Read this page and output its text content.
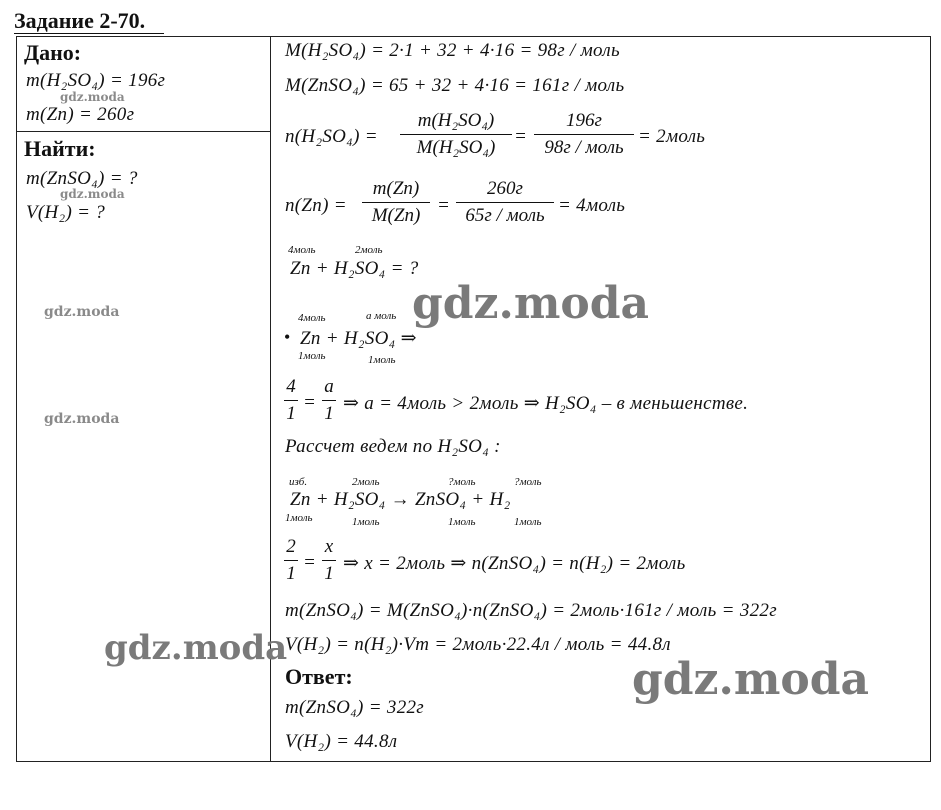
Задание 2-70.
Дано:
m(H₂SO₄) = 196г
m(Zn) = 260г
Найти:
m(ZnSO₄) = ?
V(H₂) = ?
M(H₂SO₄) = 2·1 + 32 + 4·16 = 98г / моль
M(ZnSO₄) = 65 + 32 + 4·16 = 161г / моль
n(H₂SO₄) =
m(H₂SO₄)
M(H₂SO₄)
=
196г
98г / моль
= 2моль
n(Zn) =
m(Zn)
M(Zn) =
260г
65г / моль = 4моль
4моль	2моль
Zn + H₂SO₄ = ?
4моль	a моль
• Zn + H₂SO₄ ⇒
1моль	1моль
4
1
=
a
1 ⇒ a = 4моль > 2моль ⇒ H₂SO₄ – в меньшенстве.
Рассчет ведем по H₂SO₄ :
изб.	2моль	?моль	?моль
Zn + H₂SO₄ → ZnSO₄ + H₂
1моль	1моль	1моль	1моль
2
1
=
x
1 ⇒ x = 2моль ⇒ n(ZnSO₄) = n(H₂) = 2моль
m(ZnSO₄) = M(ZnSO₄)·n(ZnSO₄) = 2моль·161г / моль = 322г
V(H₂) = n(H₂)·Vm = 2моль·22.4л / моль = 44.8л
Ответ:
m(ZnSO₄) = 322г
V(H₂) = 44.8л
gdz.moda
gdz.moda
gdz.moda
gdz.moda
gdz.moda
gdz.moda
gdz.moda
